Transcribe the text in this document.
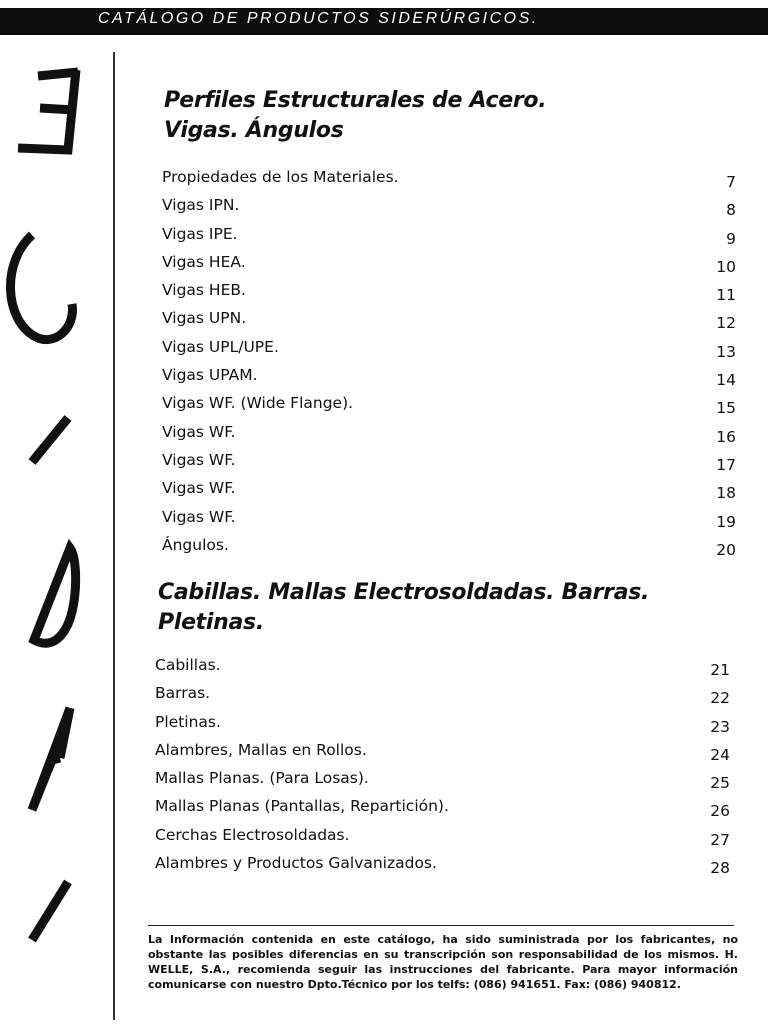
CATÁLOGO DE PRODUCTOS SIDERÚRGICOS.
Perfiles Estructurales de Acero.
Vigas. Ángulos
Propiedades de los Materiales.	7
Vigas IPN.	8
Vigas IPE.	9
Vigas HEA.	10
Vigas HEB.	11
Vigas UPN.	12
Vigas UPL/UPE.	13
Vigas UPAM.	14
Vigas WF. (Wide Flange).	15
Vigas WF.	16
Vigas WF.	17
Vigas WF.	18
Vigas WF.	19
Ángulos.	20
Cabillas. Mallas Electrosoldadas. Barras.
Pletinas.
Cabillas.	21
Barras.	22
Pletinas.	23
Alambres, Mallas en Rollos.	24
Mallas Planas. (Para Losas).	25
Mallas Planas (Pantallas, Repartición).	26
Cerchas Electrosoldadas.	27
Alambres y Productos Galvanizados.	28

La Información contenida en este catálogo, ha sido suministrada por los fabricantes, no obstante las posibles diferencias en su transcripción son responsabilidad de los mismos. H. WELLE, S.A., recomienda seguir las instrucciones del fabricante. Para mayor información comunicarse con nuestro Dpto.Técnico por los telfs: (086) 941651. Fax: (086) 940812.
